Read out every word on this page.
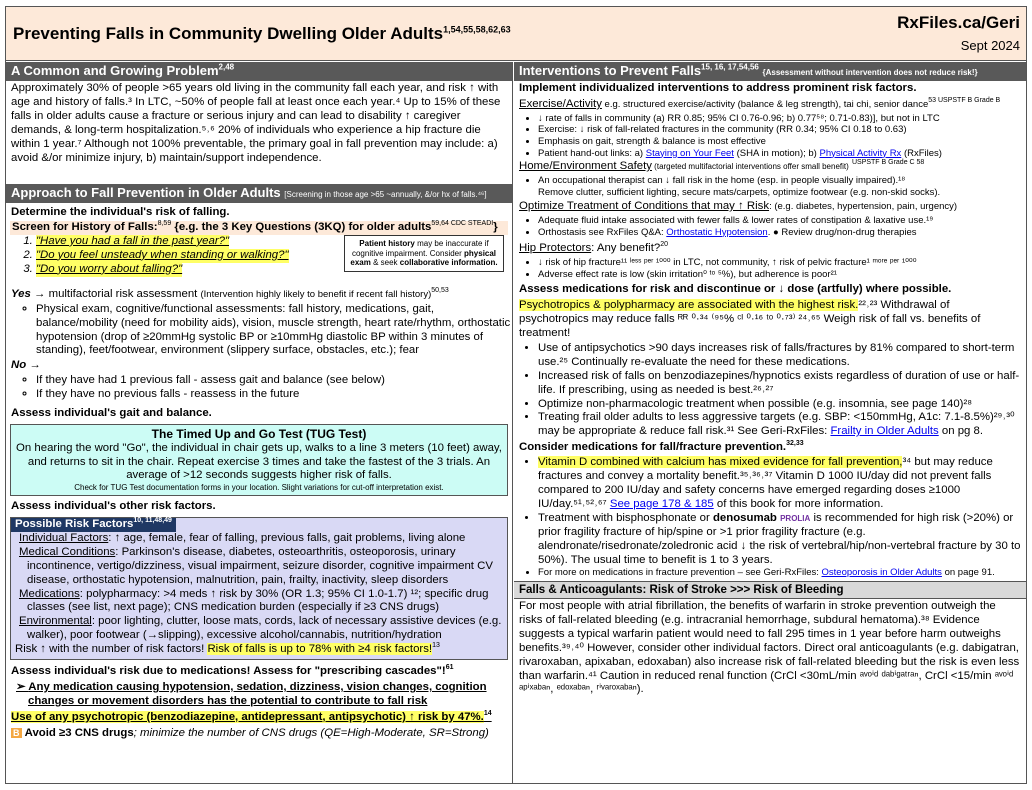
Preventing Falls in Community Dwelling Older Adults$^{1,54,55,58,62,63}$	RxFiles.ca/Geri
Sept 2024
A Common and Growing Problem$^{2,48}$
Approximately 30% of people >65 years old living in the community fall each year, and risk ↑ with age and history of falls.³ In LTC, ~50% of people fall at least once each year.⁴ Up to 15% of these falls in older adults cause a fracture or serious injury and can lead to disability ↑ caregiver demands, & long-term hospitalization.⁵˒⁶ 20% of individuals who experience a hip fracture die within 1 year.⁷ Although not 100% preventable, the primary goal in fall prevention may include: a) avoid &/or minimize injury, b) maintain/support independence.
Approach to Fall Prevention in Older Adults [Screening in those age >65 ~annually, &/or hx of falls.⁴⁶]
Determine the individual's risk of falling.
Screen for History of Falls:$^{8,59}$ {e.g. the 3 Key Questions (3KQ) for older adults$^{59,64 CDC STEADI}$}
1. "Have you had a fall in the past year?"
2. "Do you feel unsteady when standing or walking?"
3. "Do you worry about falling?"
Patient history may be inaccurate if cognitive impairment. Consider physical exam & seek collaborative information.
Yes → multifactorial risk assessment (Intervention highly likely to benefit if recent fall history)$^{50,53}$
◦ Physical exam, cognitive/functional assessments: fall history, medications, gait, balance/mobility (need for mobility aids), vision, muscle strength, heart rate/rhythm, orthostatic hypotension (drop of ≥20mmHg systolic BP or ≥10mmHg diastolic BP within 3 minutes of standing), feet/footwear, environment (slippery surface, obstacles, etc.); fear
No →
◦ If they have had 1 previous fall - assess gait and balance (see below)
◦ If they have no previous falls - reassess in the future
Assess individual's gait and balance.
The Timed Up and Go Test (TUG Test)
On hearing the word "Go", the individual in chair gets up, walks to a line 3 meters (10 feet) away, and returns to sit in the chair. Repeat exercise 3 times and take the fastest of the 3 trials. An average of >12 seconds suggests higher risk of falls.
Check for TUG Test documentation forms in your location. Slight variations for cut-off interpretation exist.
Assess individual's other risk factors.
Possible Risk Factors$^{10, 11,48,49}$
Individual Factors: ↑ age, female, fear of falling, previous falls, gait problems, living alone
Medical Conditions: Parkinson's disease, diabetes, osteoarthritis, osteoporosis, urinary incontinence, vertigo/dizziness, visual impairment, seizure disorder, cognitive impairment CV disease, orthostatic hypotension, malnutrition, pain, frailty, inactivity, sleep disorders
Medications: polypharmacy: >4 meds ↑ risk by 30% (OR 1.3; 95% CI 1.0-1.7) ¹²; specific drug classes (see list, next page); CNS medication burden (especially if ≥3 CNS drugs)
Environmental: poor lighting, clutter, loose mats, cords, lack of necessary assistive devices (e.g. walker), poor footwear (→slipping), excessive alcohol/cannabis, nutrition/hydration
Risk ↑ with the number of risk factors! Risk of falls is up to 78% with ≥4 risk factors!$^{13}$
Assess individual's risk due to medications! Assess for "prescribing cascades"!$^{61}$
➢ Any medication causing hypotension, sedation, dizziness, vision changes, cognition changes or movement disorders has the potential to contribute to fall risk
Use of any psychotropic (benzodiazepine, antidepressant, antipsychotic) ↑ risk by 47%.$^{14}$
B Avoid ≥3 CNS drugs; minimize the number of CNS drugs (QE=High-Moderate, SR=Strong)
Interventions to Prevent Falls$^{15, 16, 17,54,56}$ {Assessment without intervention does not reduce risk!}
Implement individualized interventions to address prominent risk factors.
Exercise/Activity e.g. structured exercise/activity (balance & leg strength), tai chi, senior dance$^{53 USPSTF B Grade B}$
• ↓ rate of falls in community (a) RR 0.85; 95% CI 0.76-0.96; b) 0.77⁵⁸; 0.71-0.83)], but not in LTC
• Exercise: ↓ risk of fall-related fractures in the community (RR 0.34; 95% CI 0.18 to 0.63)
• Emphasis on gait, strength & balance is most effective
• Patient hand-out links: a) Staying on Your Feet (SHA in motion); b) Physical Activity Rx (RxFiles)
Home/Environment Safety (targeted multifactorial interventions offer small benefit) $^{USPSTF B Grade C 58}$
• An occupational therapist can ↓ fall risk in the home (esp. in people visually impaired).¹⁸
Remove clutter, sufficient lighting, secure mats/carpets, optimize footwear (e.g. non-skid socks).
Optimize Treatment of Conditions that may ↑ Risk: (e.g. diabetes, hypertension, pain, urgency)
• Adequate fluid intake associated with fewer falls & lower rates of constipation & laxative use.¹⁹
• Orthostasis see RxFiles Q&A: Orthostatic Hypotension. ● Review drug/non-drug therapies
Hip Protectors: Any benefit?$^{20}$
• ↓ risk of hip fracture¹¹ ˡᵉˢˢ ᵖᵉʳ ¹⁰⁰⁰ in LTC, not community, ↑ risk of pelvic fracture¹ ᵐᵒʳᵉ ᵖᵉʳ ¹⁰⁰⁰
• Adverse effect rate is low (skin irritation⁰ ᵗᵒ ⁵%), but adherence is poor²¹
Assess medications for risk and discontinue or ↓ dose (artfully) where possible.
Psychotropics & polypharmacy are associated with the highest risk.²²˒²³ Withdrawal of psychotropics may reduce falls ᴿᴿ ⁰·³⁴ ⁽⁹⁵% ᶜᴵ ⁰·¹⁶ ᵗᵒ ⁰·⁷³⁾ ²⁴˒⁶⁵ Weigh risk of fall vs. benefits of treatment!
• Use of antipsychotics >90 days increases risk of falls/fractures by 81% compared to short-term use.²⁵ Continually re-evaluate the need for these medications.
• Increased risk of falls on benzodiazepines/hypnotics exists regardless of duration of use or half-life. If prescribing, using as needed is best.²⁶˒²⁷
• Optimize non-pharmacologic treatment when possible (e.g. insomnia, see page 140)²⁸
• Treating frail older adults to less aggressive targets (e.g. SBP: <150mmHg, A1c: 7.1-8.5%)²⁹˒³⁰ may be appropriate & reduce fall risk.³¹ See Geri-RxFiles: Frailty in Older Adults on pg 8.
Consider medications for fall/fracture prevention.$^{32,33}$
• Vitamin D combined with calcium has mixed evidence for fall prevention,³⁴ but may reduce fractures and convey a mortality benefit.³⁵˒³⁶˒³⁷ Vitamin D 1000 IU/day did not prevent falls compared to 200 IU/day and safety concerns have emerged regarding doses ≥1000 IU/day.⁵¹˒⁵²˒⁶⁷ See page 178 & 185 of this book for more information.
• Treatment with bisphosphonate or denosumab PROLIA is recommended for high risk (>20%) or prior fragility fracture of hip/spine or >1 prior fragility fracture (e.g. alendronate/risedronate/zoledronic acid ↓ the risk of vertebral/hip/non-vertebral fracture by 30 to 50%). The usual time to benefit is 1 to 3 years.
• For more on medications in fracture prevention – see Geri-RxFiles: Osteoporosis in Older Adults on page 91.
Falls & Anticoagulants: Risk of Stroke >>> Risk of Bleeding
For most people with atrial fibrillation, the benefits of warfarin in stroke prevention outweigh the risks of fall-related bleeding (e.g. intracranial hemorrhage, subdural hematoma).³⁸ Evidence suggests a typical warfarin patient would need to fall 295 times in 1 year before harm outweighs benefits.³⁹˒⁴⁰ However, consider other individual factors. Direct oral anticoagulants (e.g. dabigatran, rivaroxaban, apixaban, edoxaban) also increase risk of fall-related bleeding but the risk is even less than warfarin.⁴¹ Caution in reduced renal function (CrCl <30mL/min ᵃᵛᵒⁱᵈ ᵈᵃᵇⁱᵍᵃᵗʳᵃⁿ, CrCl <15/min ᵃᵛᵒⁱᵈ ᵃᵖⁱˣᵃᵇᵃⁿ, ᵉᵈᵒˣᵃᵇᵃⁿ, ʳⁱᵛᵃʳᵒˣᵃᵇᵃⁿ).
